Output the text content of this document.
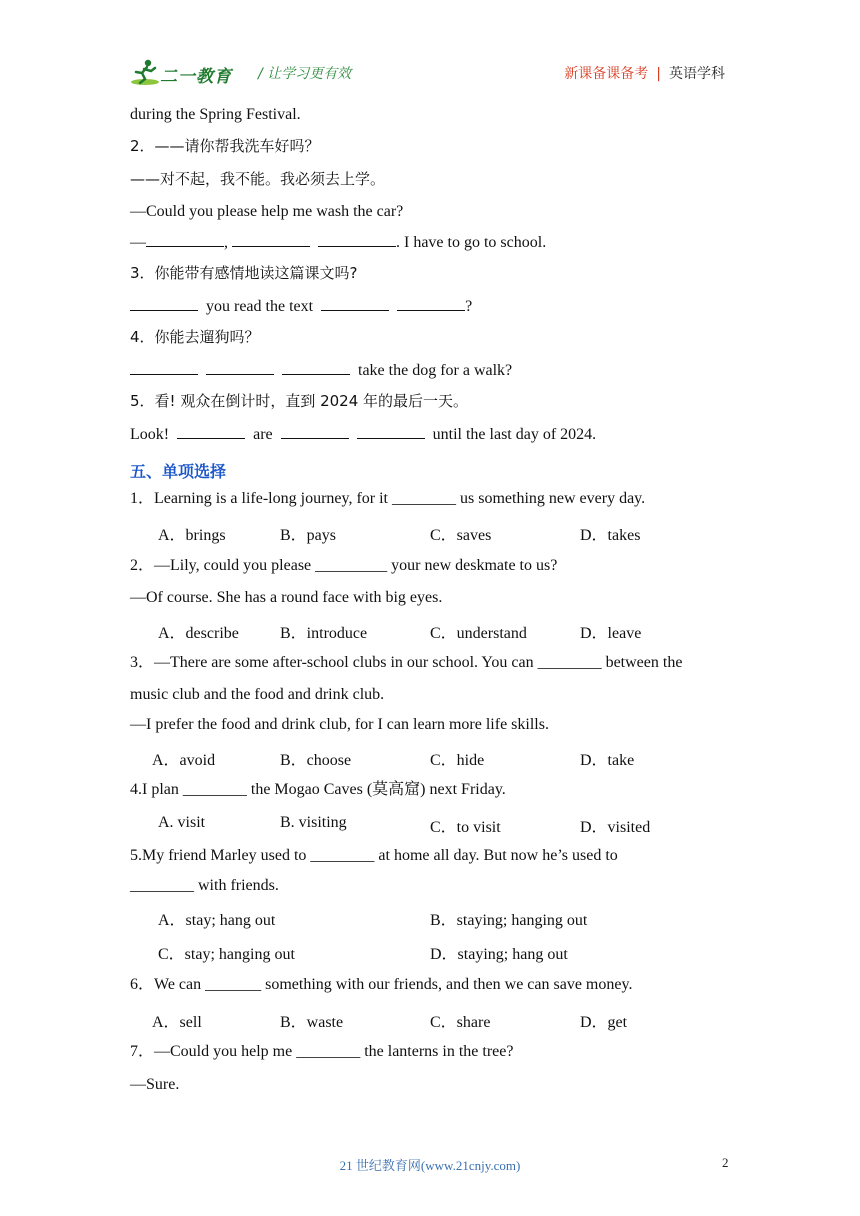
二一教育 / 让学习更有效	新课备课备考 | 英语学科
during the Spring Festival.
2．——请你帮我洗车好吗？
——对不起，我不能。我必须去上学。
—Could you please help me wash the car?
—	,	. I have to go to school.
3．你能带有感情地读这篇课文吗?
you read the text	?
4．你能去遛狗吗？
take the dog for a walk?
5．看! 观众在倒计时，直到 2024 年的最后一天。
Look!	are	until the last day of 2024.
五、单项选择
1．Learning is a life-long journey, for it ________ us something new every day.
A．brings	B．pays	C．saves	D．takes
2．—Lily, could you please _________ your new deskmate to us?
—Of course. She has a round face with big eyes.
A．describe	B．introduce	C．understand	D．leave
3．—There are some after-school clubs in our school. You can ________ between the
music club and the food and drink club.
—I prefer the food and drink club, for I can learn more life skills.
A．avoid	B．choose	C．hide	D．take
4.I plan ________ the Mogao Caves (莫高窟) next Friday.
A. visit	B. visiting	C．to visit	D．visited
5.My friend Marley used to ________ at home all day. But now he’s used to
________ with friends.
A．stay; hang out	B．staying; hanging out
C．stay; hanging out	D．staying; hang out
6．We can _______ something with our friends, and then we can save money.
A．sell	B．waste	C．share	D．get
7．—Could you help me ________ the lanterns in the tree?
—Sure.
21 世纪教育网(www.21cnjy.com)	2
